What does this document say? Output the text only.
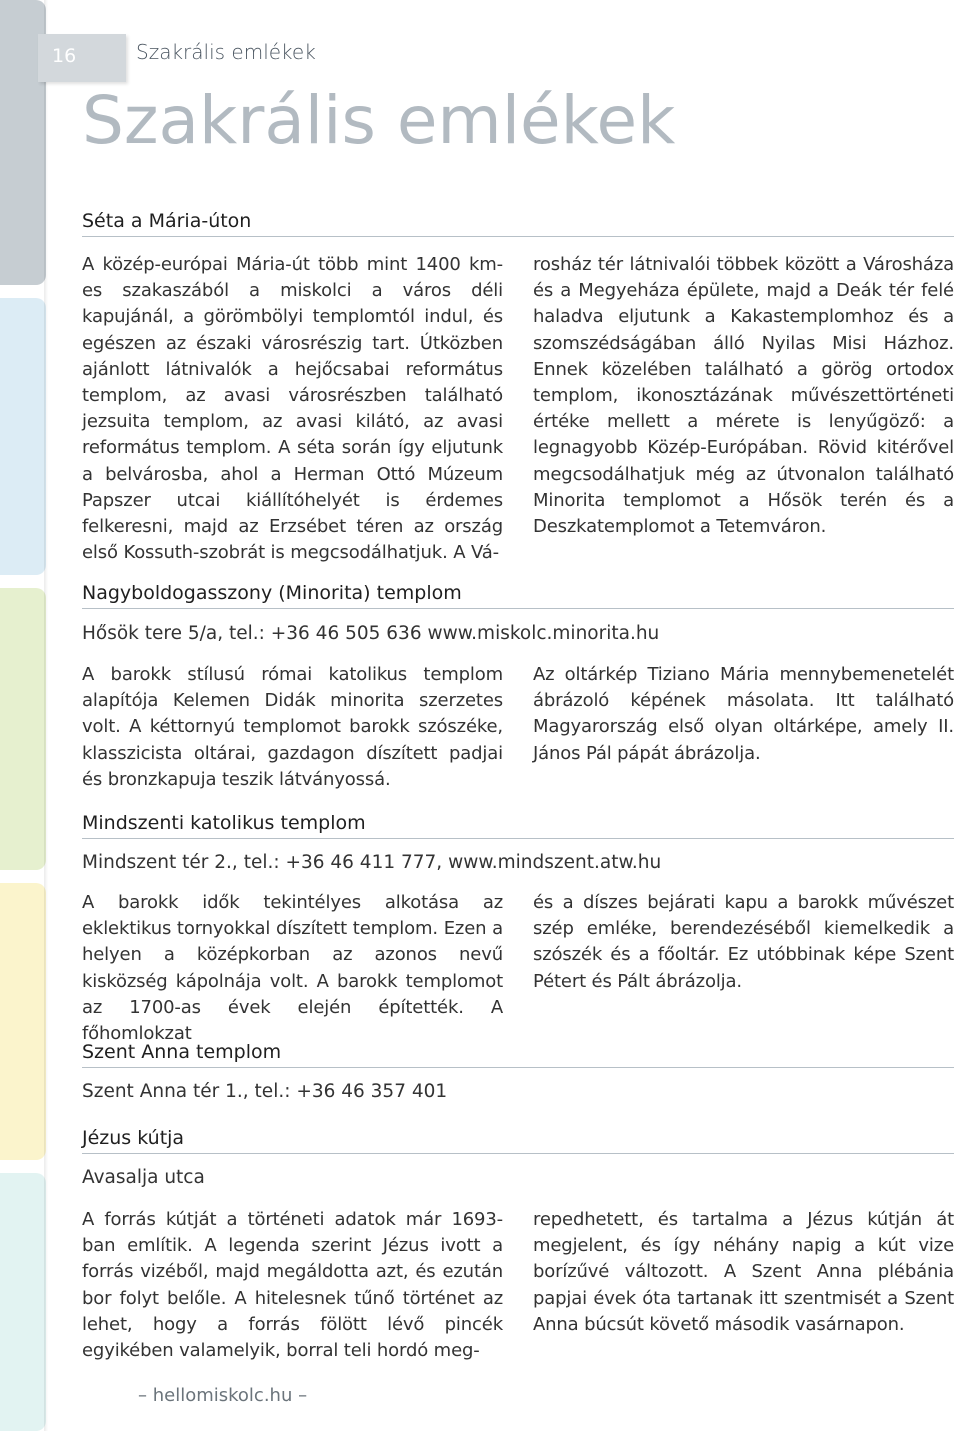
16	Szakrális emlékek
Szakrális emlékek
Séta a Mária-úton
A közép-európai Mária-út több mint 1400 km-es szakaszából a miskolci a város déli kapujánál, a görömbölyi templomtól indul, és egészen az északi városrészig tart. Útközben ajánlott látnivalók a hejőcsabai református templom, az avasi városrészben található jezsuita templom, az avasi kilátó, az avasi református templom. A séta során így eljutunk a belvárosba, ahol a Herman Ottó Múzeum Papszer utcai kiállítóhelyét is érdemes felkeresni, majd az Erzsébet téren az ország első Kossuth-szobrát is megcsodálhatjuk. A Vá-
rosház tér látnivalói többek között a Városháza és a Megyeháza épülete, majd a Deák tér felé haladva eljutunk a Kakastemplomhoz és a szomszédságában álló Nyilas Misi Házhoz. Ennek közelében található a görög ortodox templom, ikonosztázának művészettörténeti értéke mellett a mérete is lenyűgöző: a legnagyobb Közép-Európában. Rövid kitérővel megcsodálhatjuk még az útvonalon található Minorita templomot a Hősök terén és a Deszkatemplomot a Tetemváron.
Nagyboldogasszony (Minorita) templom
Hősök tere 5/a, tel.: +36 46 505 636 www.miskolc.minorita.hu
A barokk stílusú római katolikus templom alapítója Kelemen Didák minorita szerzetes volt. A kéttornyú templomot barokk szószéke, klasszicista oltárai, gazdagon díszített padjai és bronzkapuja teszik látványossá.
Az oltárkép Tiziano Mária mennybemenetelét ábrázoló képének másolata. Itt található Magyarország első olyan oltárképe, amely II. János Pál pápát ábrázolja.
Mindszenti katolikus templom
Mindszent tér 2., tel.: +36 46 411 777, www.mindszent.atw.hu
A barokk idők tekintélyes alkotása az eklektikus tornyokkal díszített templom. Ezen a helyen a középkorban az azonos nevű kisközség kápolnája volt. A barokk templomot az 1700-as évek elején építették. A főhomlokzat
és a díszes bejárati kapu a barokk művészet szép emléke, berendezéséből kiemelkedik a szószék és a főoltár. Ez utóbbinak képe Szent Pétert és Pált ábrázolja.
Szent Anna templom
Szent Anna tér 1., tel.: +36 46 357 401
Jézus kútja
Avasalja utca
A forrás kútját a történeti adatok már 1693-ban említik. A legenda szerint Jézus ivott a forrás vizéből, majd megáldotta azt, és ezután bor folyt belőle. A hitelesnek tűnő történet az lehet, hogy a forrás fölött lévő pincék egyikében valamelyik, borral teli hordó meg-
repedhetett, és tartalma a Jézus kútján át megjelent, és így néhány napig a kút vize borízűvé változott. A Szent Anna plébánia papjai évek óta tartanak itt szentmisét a Szent Anna búcsút követő második vasárnapon.
– hellomiskolc.hu –
